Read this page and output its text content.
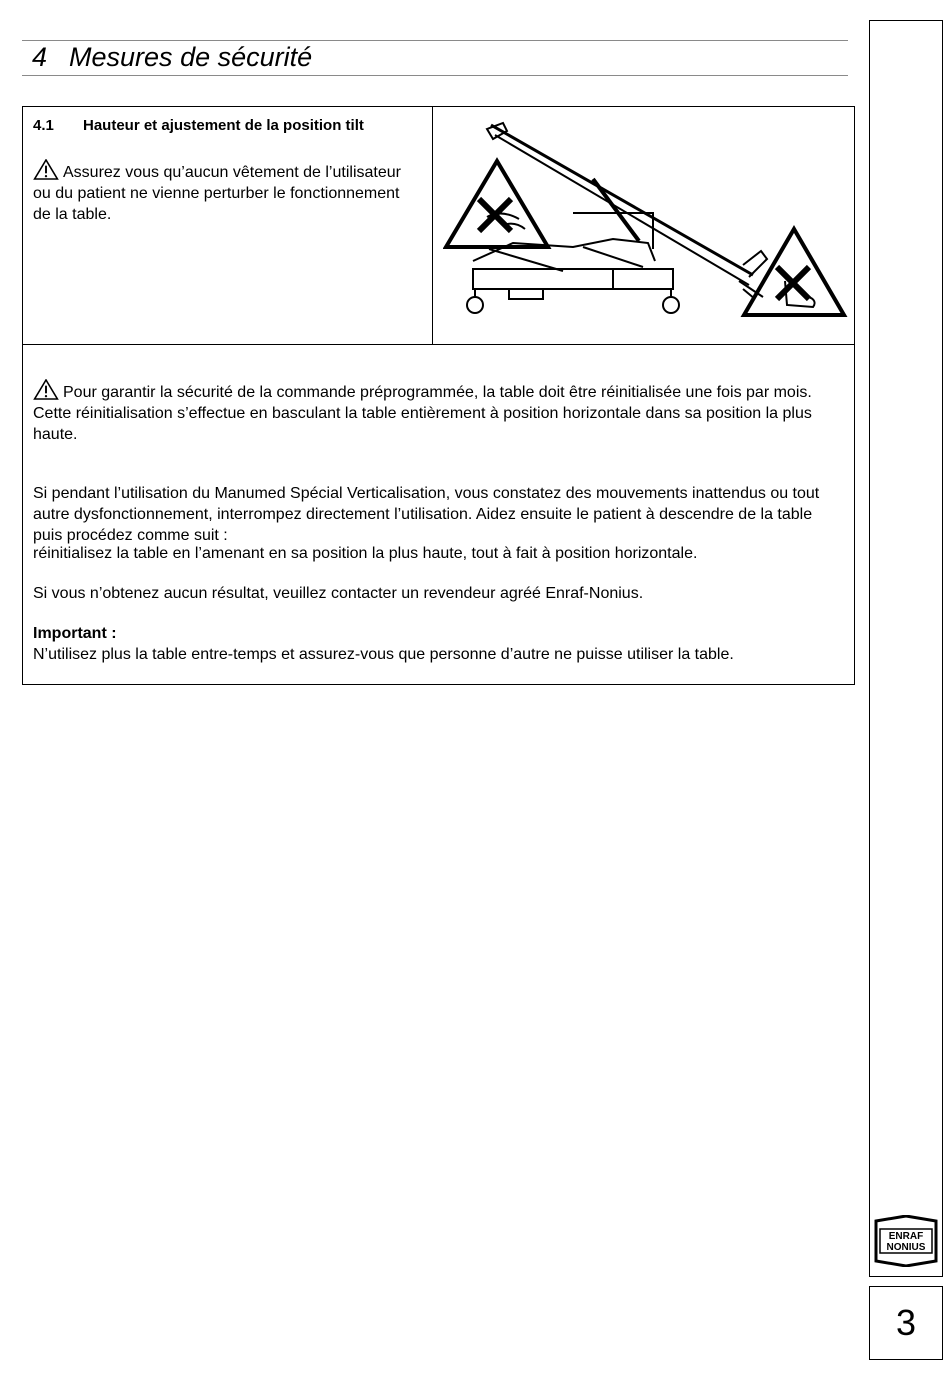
4 Mesures de sécurité
ENRAF
NONIUS
3
4.1 Hauteur et ajustement de la position tilt
Assurez vous qu’aucun vêtement de l’utilisateur ou du patient ne vienne perturber le fonctionnement de la table.
Pour garantir la sécurité de la commande préprogrammée, la table doit être réinitialisée une fois par mois. Cette réinitialisation s’effectue en basculant la table entièrement à position horizontale dans sa position la plus haute.
Si pendant l’utilisation du Manumed Spécial Verticalisation, vous constatez des mouvements inattendus ou tout autre dysfonctionnement, interrompez directement l’utilisation. Aidez ensuite le patient à descendre de la table puis procédez comme suit :
réinitialisez la table en l’amenant en sa position la plus haute, tout à fait à position horizontale.
Si vous n’obtenez aucun résultat, veuillez contacter un revendeur agréé Enraf-Nonius.
Important :
N’utilisez plus la table entre-temps et assurez-vous que personne d’autre ne puisse utiliser la table.
